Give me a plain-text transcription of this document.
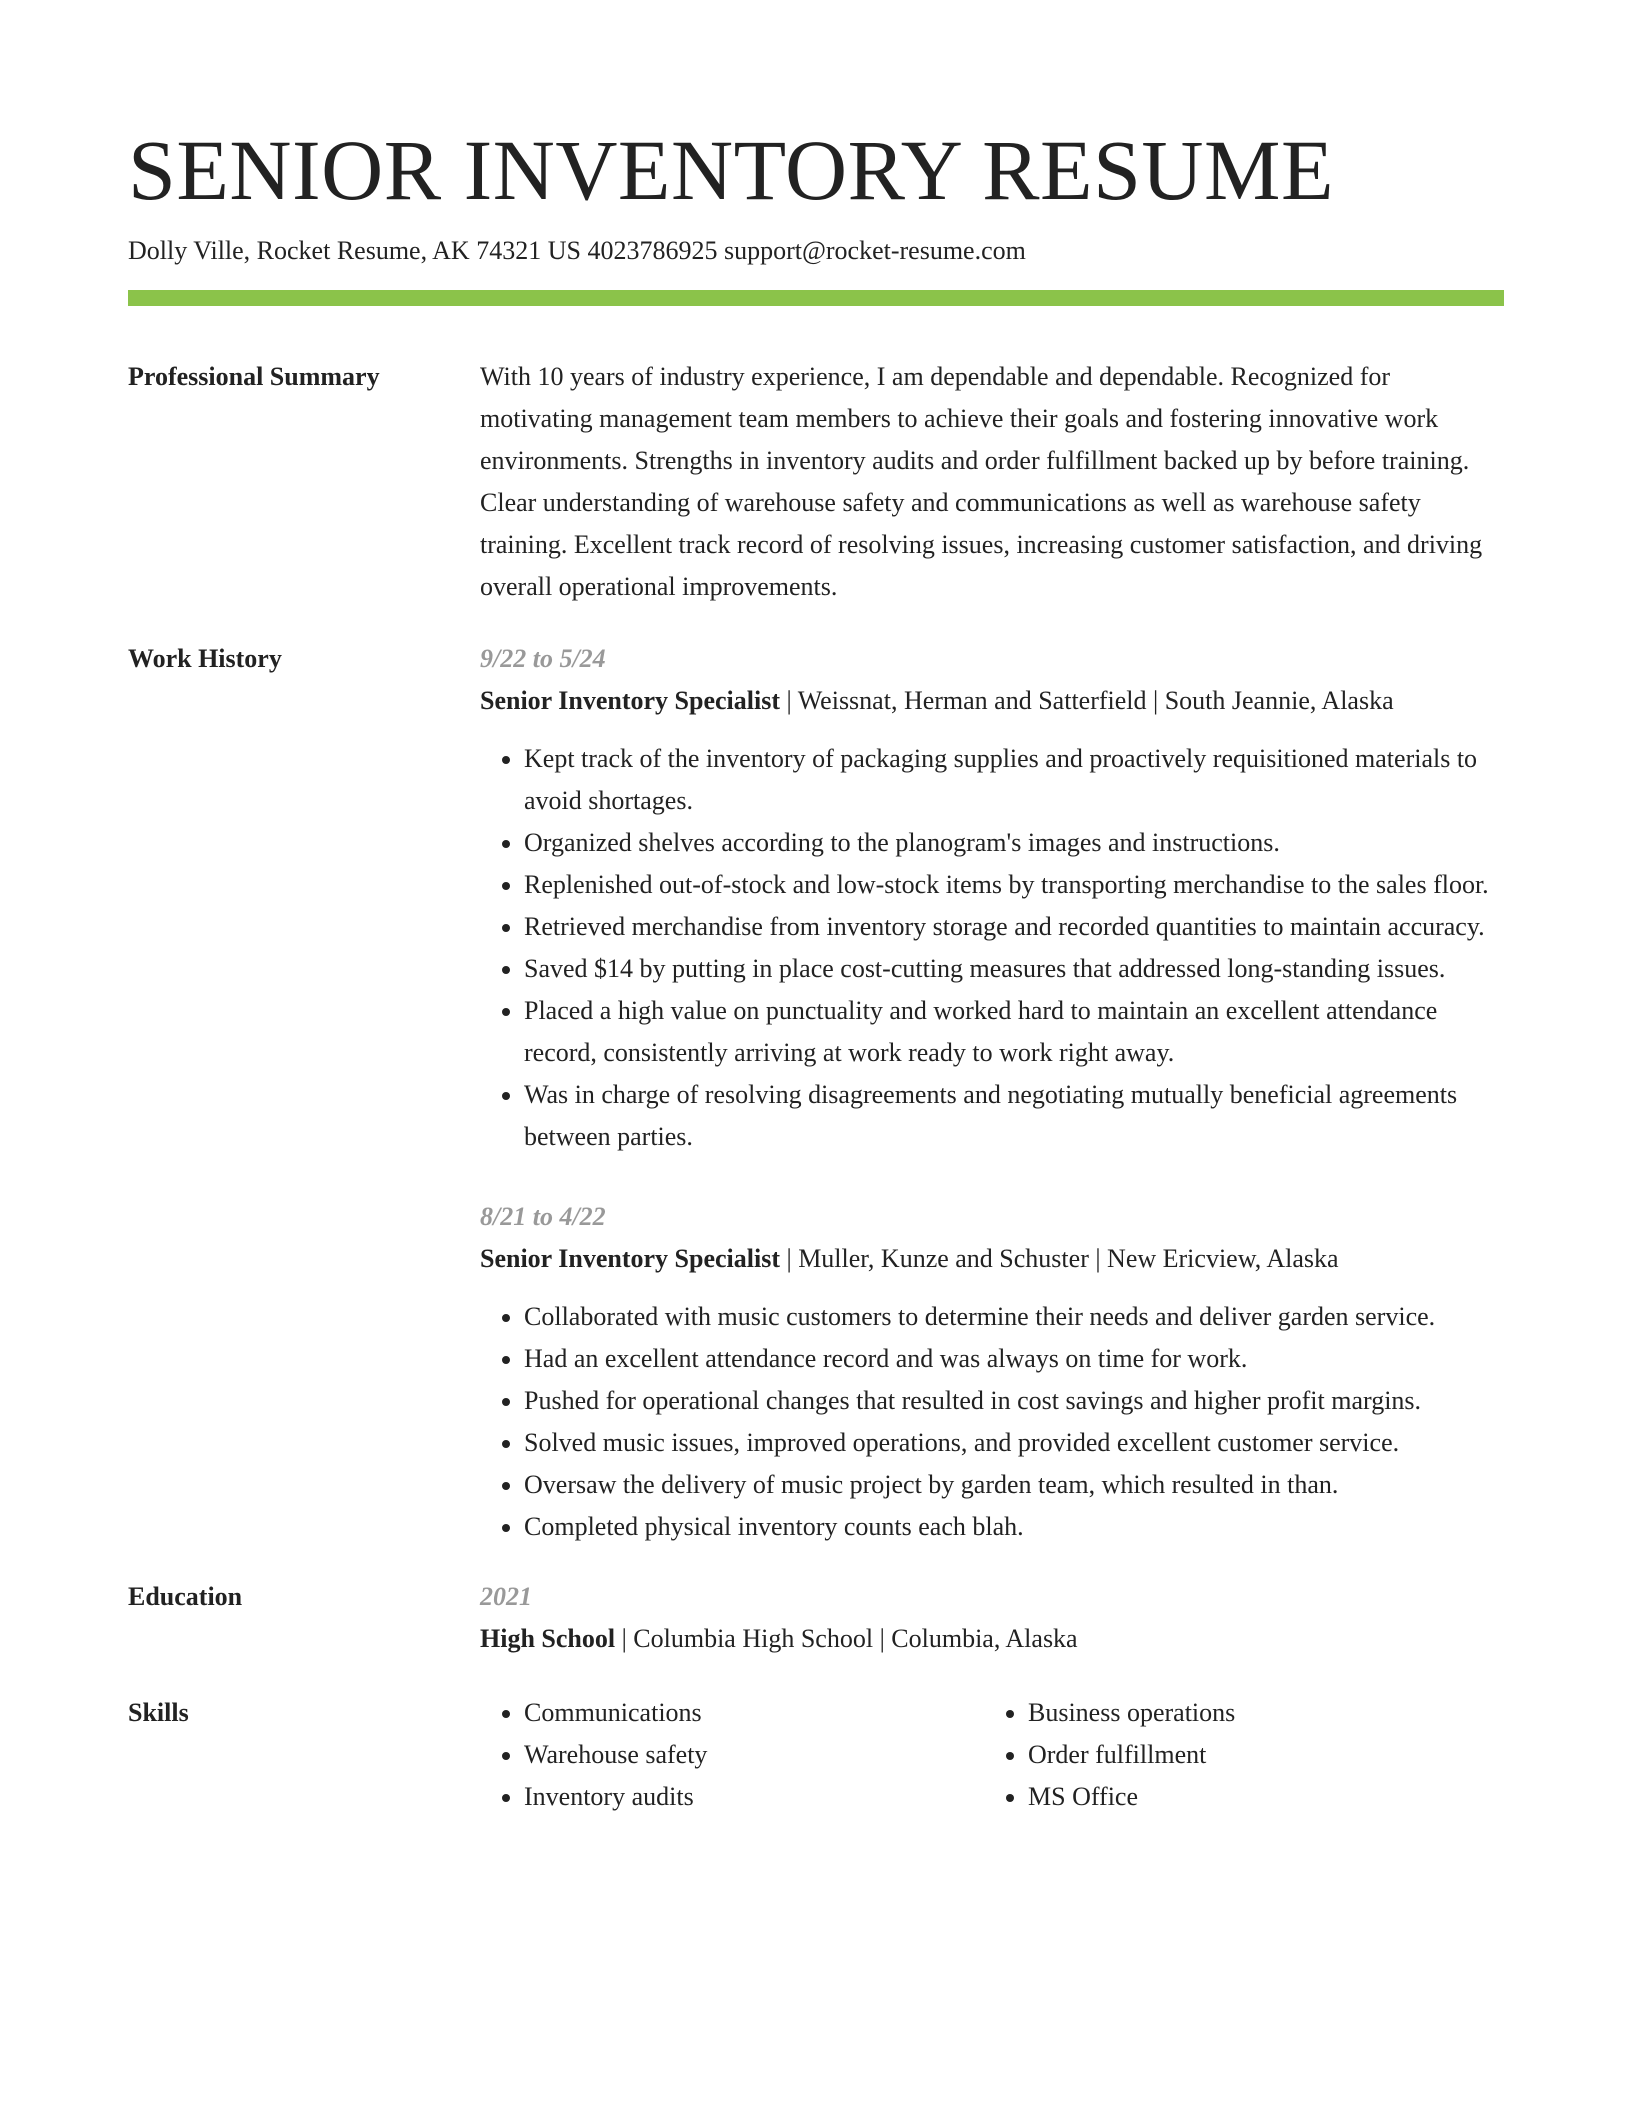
SENIOR INVENTORY RESUME
Dolly Ville, Rocket Resume, AK 74321 US 4023786925 support@rocket-resume.com
Professional Summary	With 10 years of industry experience, I am dependable and dependable. Recognized for motivating management team members to achieve their goals and fostering innovative work environments. Strengths in inventory audits and order fulfillment backed up by before training. Clear understanding of warehouse safety and communications as well as warehouse safety training. Excellent track record of resolving issues, increasing customer satisfaction, and driving overall operational improvements.
Work History	9/22 to 5/24
Senior Inventory Specialist | Weissnat, Herman and Satterfield | South Jeannie, Alaska
• Kept track of the inventory of packaging supplies and proactively requisitioned materials to avoid shortages.
• Organized shelves according to the planogram's images and instructions.
• Replenished out-of-stock and low-stock items by transporting merchandise to the sales floor.
• Retrieved merchandise from inventory storage and recorded quantities to maintain accuracy.
• Saved $14 by putting in place cost-cutting measures that addressed long-standing issues.
• Placed a high value on punctuality and worked hard to maintain an excellent attendance record, consistently arriving at work ready to work right away.
• Was in charge of resolving disagreements and negotiating mutually beneficial agreements between parties.
8/21 to 4/22
Senior Inventory Specialist | Muller, Kunze and Schuster | New Ericview, Alaska
• Collaborated with music customers to determine their needs and deliver garden service.
• Had an excellent attendance record and was always on time for work.
• Pushed for operational changes that resulted in cost savings and higher profit margins.
• Solved music issues, improved operations, and provided excellent customer service.
• Oversaw the delivery of music project by garden team, which resulted in than.
• Completed physical inventory counts each blah.
Education	2021
High School | Columbia High School | Columbia, Alaska
Skills
•	Communications
• Warehouse safety
• Inventory audits
• Business operations
• Order fulfillment
• MS Office
